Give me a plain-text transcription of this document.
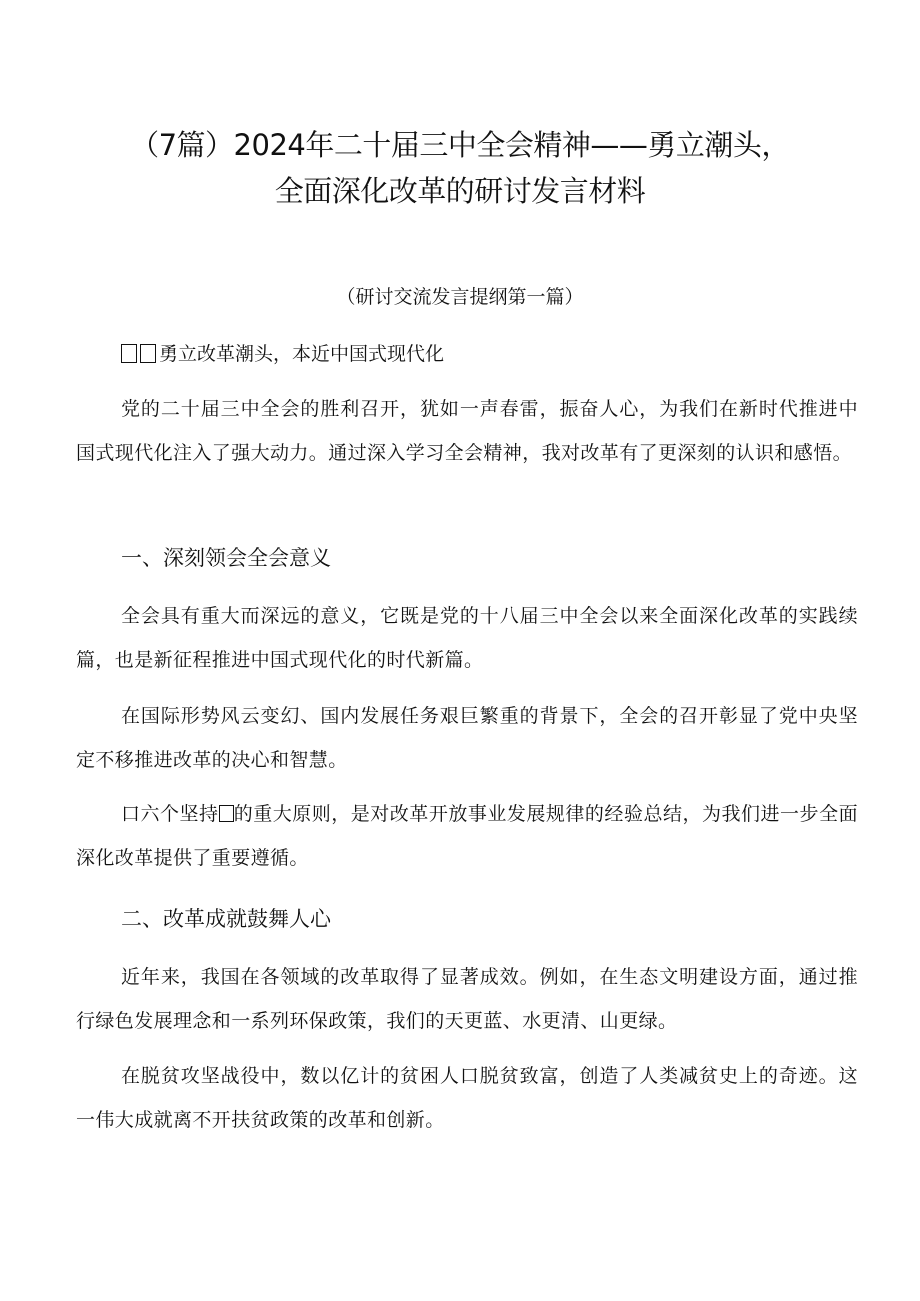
（7篇）2024年二十届三中全会精神——勇立潮头，
全面深化改革的研讨发言材料
（研讨交流发言提纲第一篇）
勇立改革潮头，本近中国式现代化
党的二十届三中全会的胜利召开，犹如一声春雷，振奋人心，为我们在新时代推进中国式现代化注入了强大动力。通过深入学习全会精神，我对改革有了更深刻的认识和感悟。
一、深刻领会全会意义
全会具有重大而深远的意义，它既是党的十八届三中全会以来全面深化改革的实践续篇，也是新征程推进中国式现代化的时代新篇。
在国际形势风云变幻、国内发展任务艰巨繁重的背景下，全会的召开彰显了党中央坚定不移推进改革的决心和智慧。
口六个坚持 的重大原则，是对改革开放事业发展规律的经验总结，为我们进一步全面深化改革提供了重要遵循。
二、改革成就鼓舞人心
近年来，我国在各领域的改革取得了显著成效。例如，在生态文明建设方面，通过推行绿色发展理念和一系列环保政策，我们的天更蓝、水更清、山更绿。
在脱贫攻坚战役中，数以亿计的贫困人口脱贫致富，创造了人类减贫史上的奇迹。这一伟大成就离不开扶贫政策的改革和创新。
